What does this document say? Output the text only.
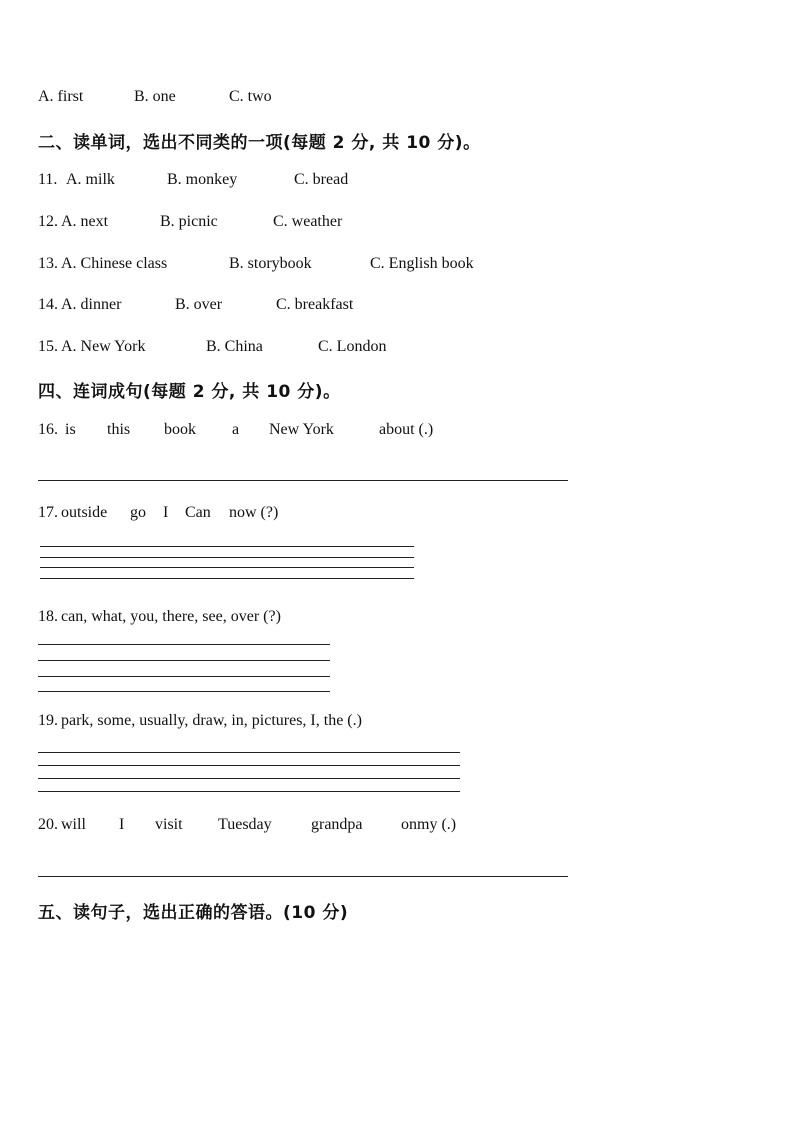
A. first	B. one	C. two
二、读单词，选出不同类的一项(每题 2 分, 共 10 分)。
11. A. milk	B. monkey	C. bread
12. A. next	B. picnic	C. weather
13. A. Chinese class	B. storybook	C. English book
14. A. dinner	B. over	C. breakfast
15. A. New York	B. China	C. London
四、连词成句(每题 2 分, 共 10 分)。
16. is this book a New York	about (.)
17. outside go I Can now (?)
18. can, what, you, there, see, over (?)
19. park, some, usually, draw, in, pictures, I, the (.)
20. will I visit Tuesday grandpa onmy (.)
五、读句子，选出正确的答语。(10 分)
